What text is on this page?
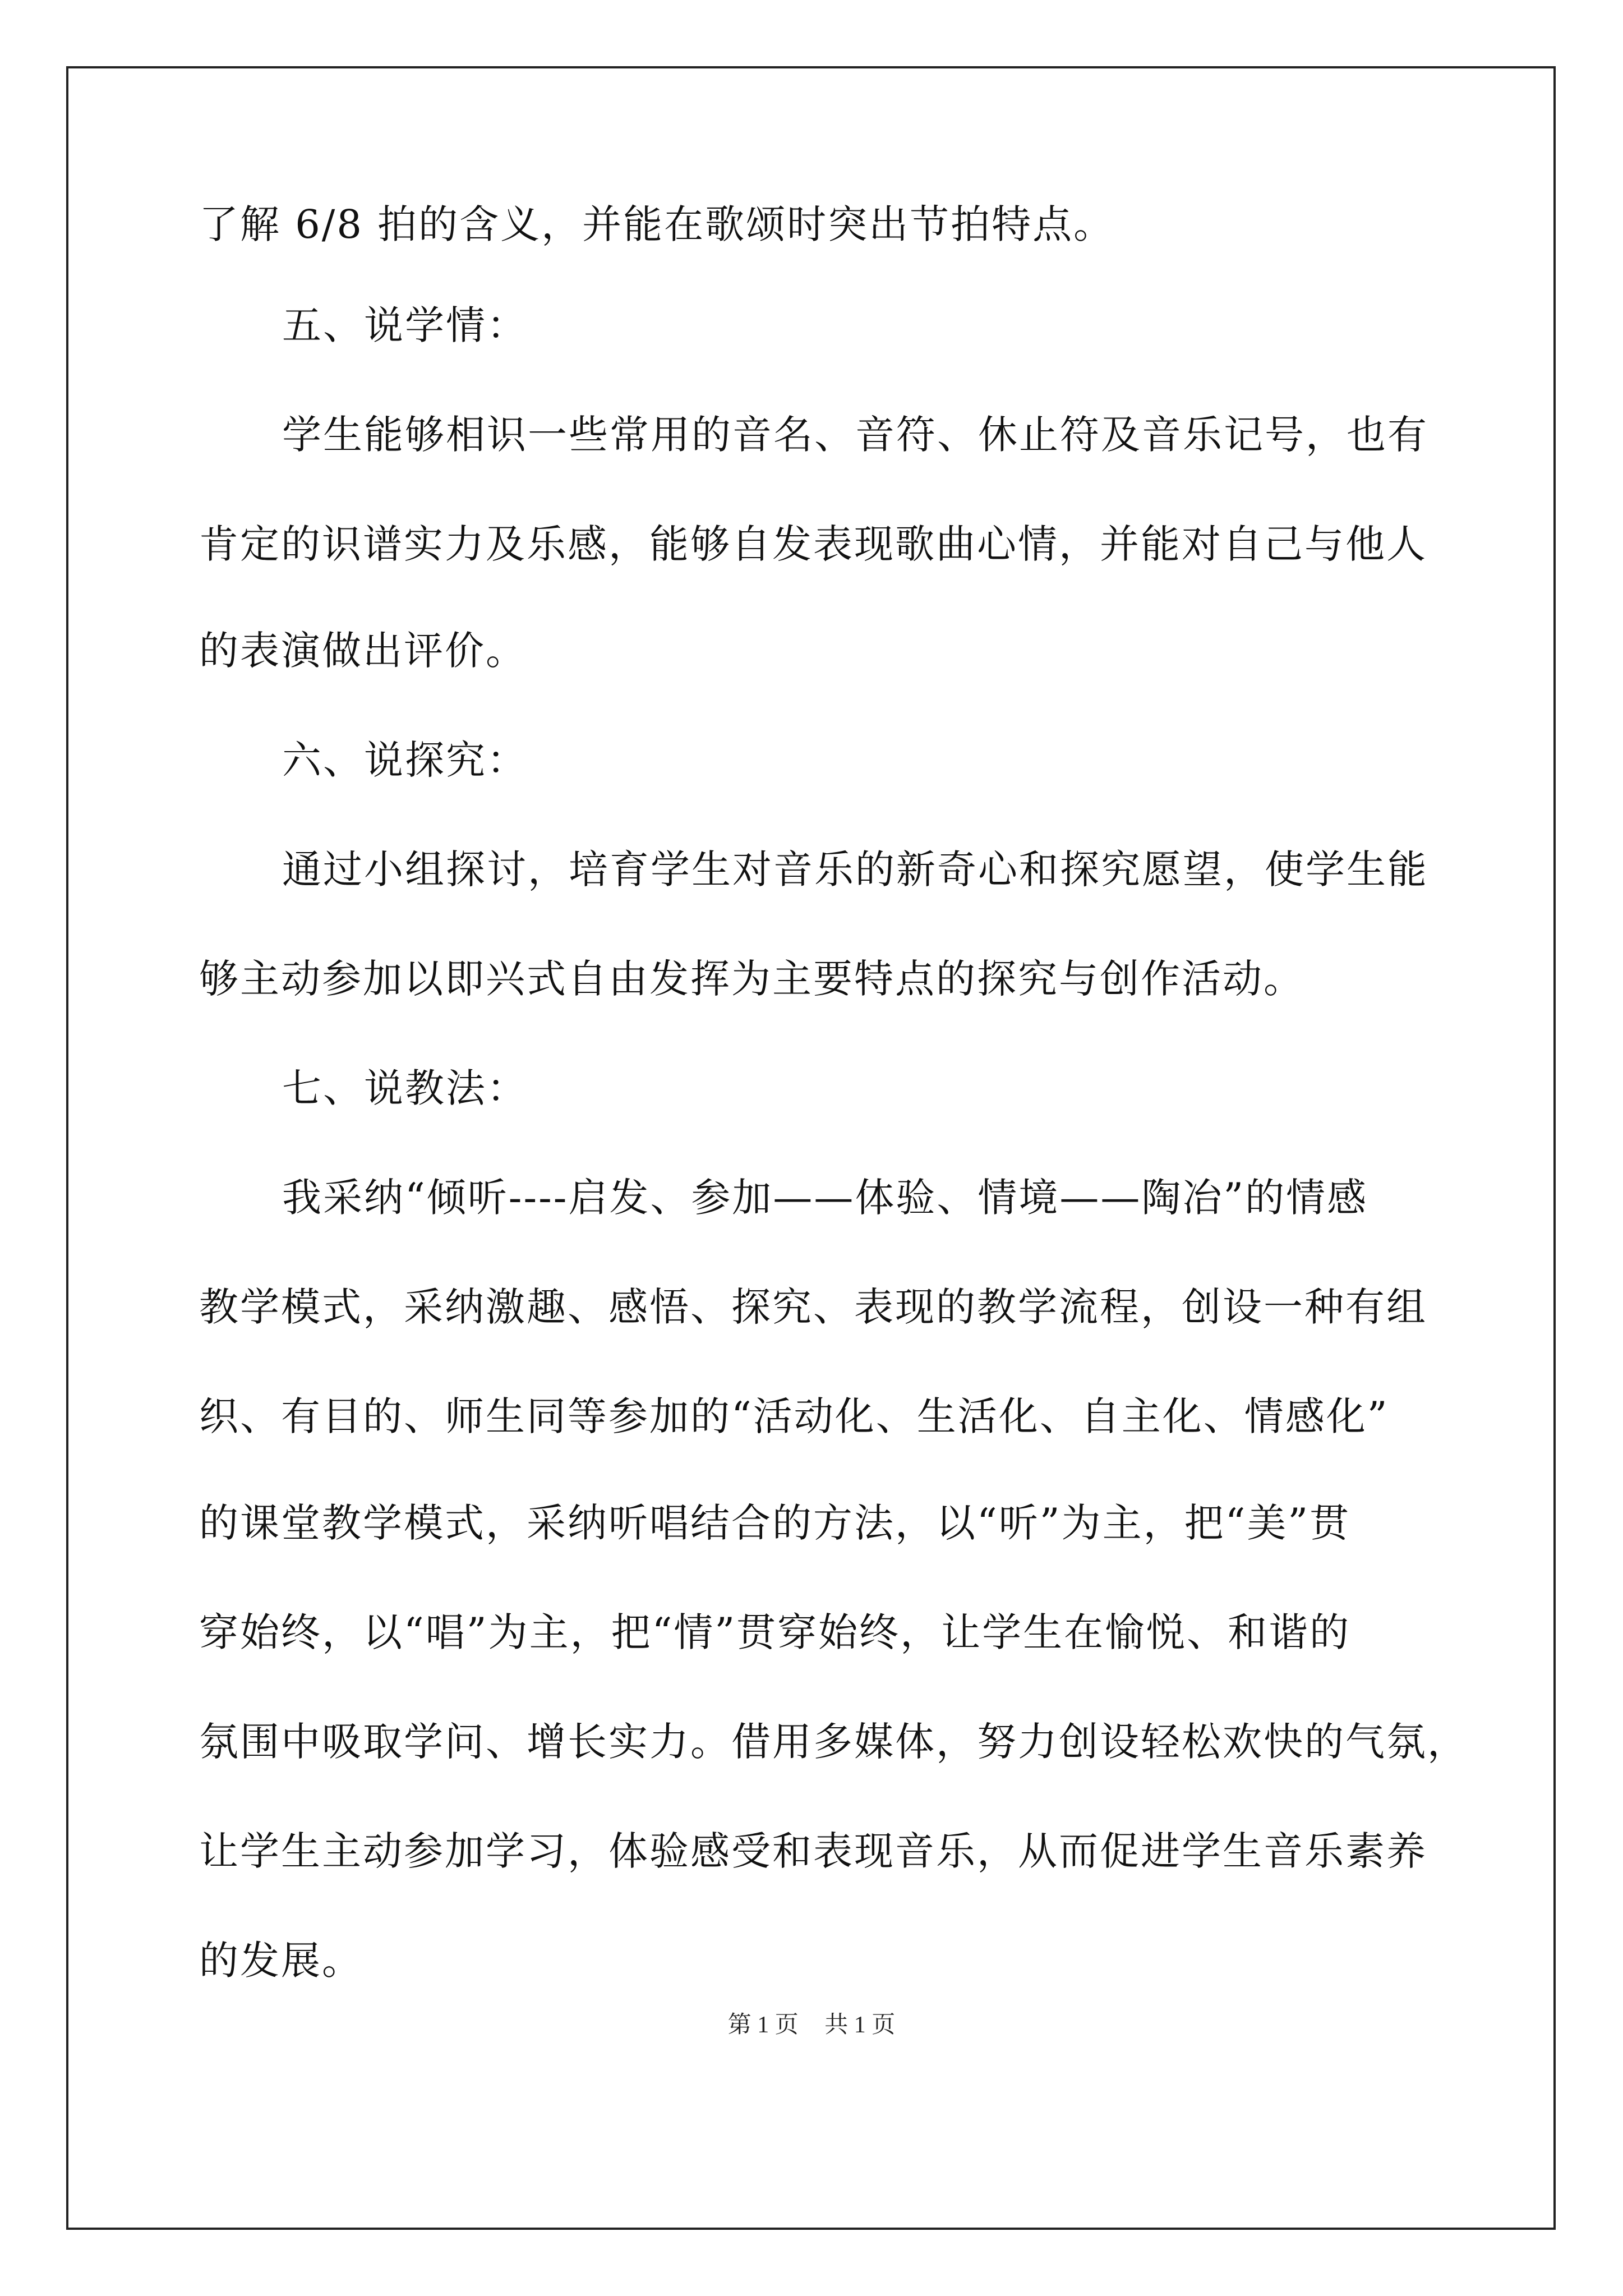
了解 6/8 拍的含义，并能在歌颂时突出节拍特点。
五、说学情：
学生能够相识一些常用的音名、音符、休止符及音乐记号，也有
肯定的识谱实力及乐感，能够自发表现歌曲心情，并能对自己与他人
的表演做出评价。
六、说探究：
通过小组探讨，培育学生对音乐的新奇心和探究愿望，使学生能
够主动参加以即兴式自由发挥为主要特点的探究与创作活动。
七、说教法：
我采纳“倾听----启发、参加——体验、情境——陶冶”的情感
教学模式，采纳激趣、感悟、探究、表现的教学流程，创设一种有组
织、有目的、师生同等参加的“活动化、生活化、自主化、情感化”
的课堂教学模式，采纳听唱结合的方法，以“听”为主，把“美”贯
穿始终，以“唱”为主，把“情”贯穿始终，让学生在愉悦、和谐的
氛围中吸取学问、增长实力。借用多媒体，努力创设轻松欢快的气氛，
让学生主动参加学习，体验感受和表现音乐，从而促进学生音乐素养
的发展。
第 1 页 共 1 页
